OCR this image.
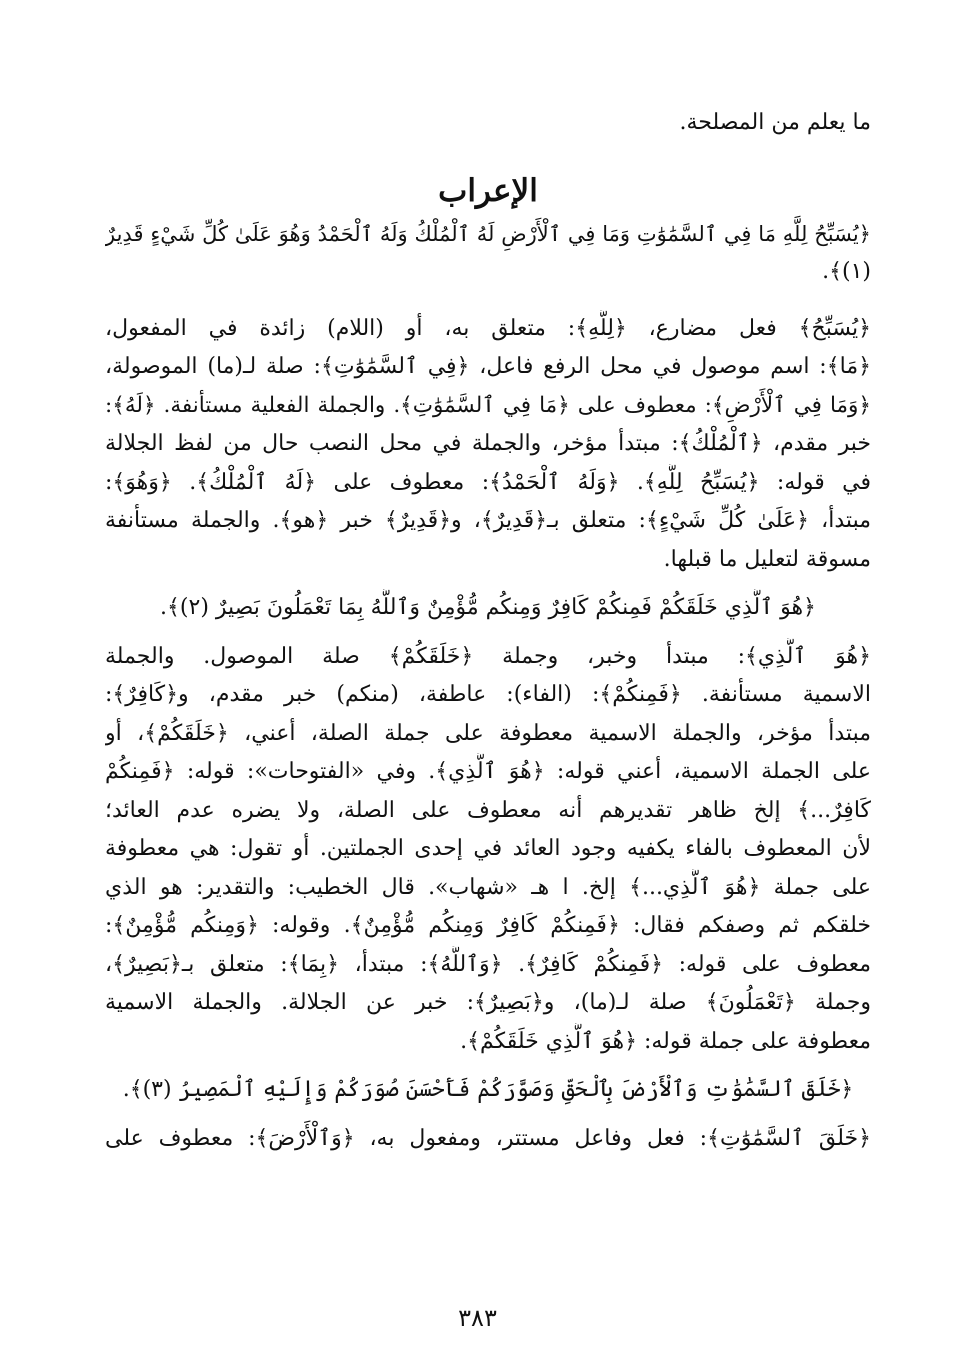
ما يعلم من المصلحة.
الإعراب
﴿يُسَبِّحُ لِلَّهِ مَا فِي ٱلسَّمَٰوَٰتِ وَمَا فِي ٱلْأَرْضِ لَهُ ٱلْمُلْكُ وَلَهُ ٱلْحَمْدُ وَهُوَ عَلَىٰ كُلِّ شَيْءٍ قَدِيرٌ
(١)﴾.
﴿يُسَبِّحُ﴾ فعل مضارع، ﴿لِلَّهِ﴾: متعلق به، أو (اللام) زائدة في المفعول،
﴿مَا﴾: اسم موصول في محل الرفع فاعل، ﴿فِي ٱلسَّمَٰوَٰتِ﴾: صلة لـ(ما) الموصولة،
﴿وَمَا فِي ٱلْأَرْضِ﴾: معطوف على ﴿مَا فِي ٱلسَّمَٰوَٰتِ﴾. والجملة الفعلية مستأنفة. ﴿لَهُ﴾:
خبر مقدم، ﴿ٱلْمُلْكُ﴾: مبتدأ مؤخر، والجملة في محل النصب حال من لفظ الجلالة
في قوله: ﴿يُسَبِّحُ لِلَّهِ﴾. ﴿وَلَهُ ٱلْحَمْدُ﴾: معطوف على ﴿لَهُ ٱلْمُلْكُ﴾. ﴿وَهُوَ﴾:
مبتدأ، ﴿عَلَىٰ كُلِّ شَيْءٍ﴾: متعلق بـ﴿قَدِيرٌ﴾، و﴿قَدِيرٌ﴾ خبر ﴿هو﴾. والجملة مستأنفة
مسوقة لتعليل ما قبلها.
﴿هُوَ ٱلَّذِي خَلَقَكُمْ فَمِنكُمْ كَافِرٌ وَمِنكُم مُّؤْمِنٌ وَٱللَّهُ بِمَا تَعْمَلُونَ بَصِيرٌ (٢)﴾.
﴿هُوَ ٱلَّذِي﴾: مبتدأ وخبر، وجملة ﴿خَلَقَكُمْ﴾ صلة الموصول. والجملة
الاسمية مستأنفة. ﴿فَمِنكُمْ﴾: (الفاء): عاطفة، (منكم) خبر مقدم، و﴿كَافِرٌ﴾:
مبتدأ مؤخر، والجملة الاسمية معطوفة على جملة الصلة، أعني، ﴿خَلَقَكُمْ﴾، أو
على الجملة الاسمية، أعني قوله: ﴿هُوَ ٱلَّذِي﴾. وفي «الفتوحات»: قوله: ﴿فَمِنكُمْ
كَافِرٌ...﴾ إلخ ظاهر تقديرهم أنه معطوف على الصلة، ولا يضره عدم العائد؛
لأن المعطوف بالفاء يكفيه وجود العائد في إحدى الجملتين. أو تقول: هي معطوفة
على جملة ﴿هُوَ ٱلَّذِي...﴾ إلخ. ا هـ «شهاب». قال الخطيب: والتقدير: هو الذي
خلقكم ثم وصفكم فقال: ﴿فَمِنكُمْ كَافِرٌ وَمِنكُم مُّؤْمِنٌ﴾. وقوله: ﴿وَمِنكُم مُّؤْمِنٌ﴾:
معطوف على قوله: ﴿فَمِنكُمْ كَافِرٌ﴾. ﴿وَٱللَّهُ﴾: مبتدأ، ﴿بِمَا﴾: متعلق بـ﴿بَصِيرٌ﴾،
وجملة ﴿تَعْمَلُونَ﴾ صلة لـ(ما)، و﴿بَصِيرٌ﴾: خبر عن الجلالة. والجملة الاسمية
معطوفة على جملة قوله: ﴿هُوَ ٱلَّذِي خَلَقَكُمْ﴾.
﴿خَلَقَ ٱلسَّمَٰوَٰتِ وَٱلْأَرْضَ بِٱلْحَقِّ وَصَوَّرَكُمْ فَأَحْسَنَ صُوَرَكُمْ وَإِلَيْهِ ٱلْمَصِيرُ (٣)﴾.
﴿خَلَقَ ٱلسَّمَٰوَٰتِ﴾: فعل وفاعل مستتر، ومفعول به، ﴿وَٱلْأَرْضَ﴾: معطوف على
٣٨٣
